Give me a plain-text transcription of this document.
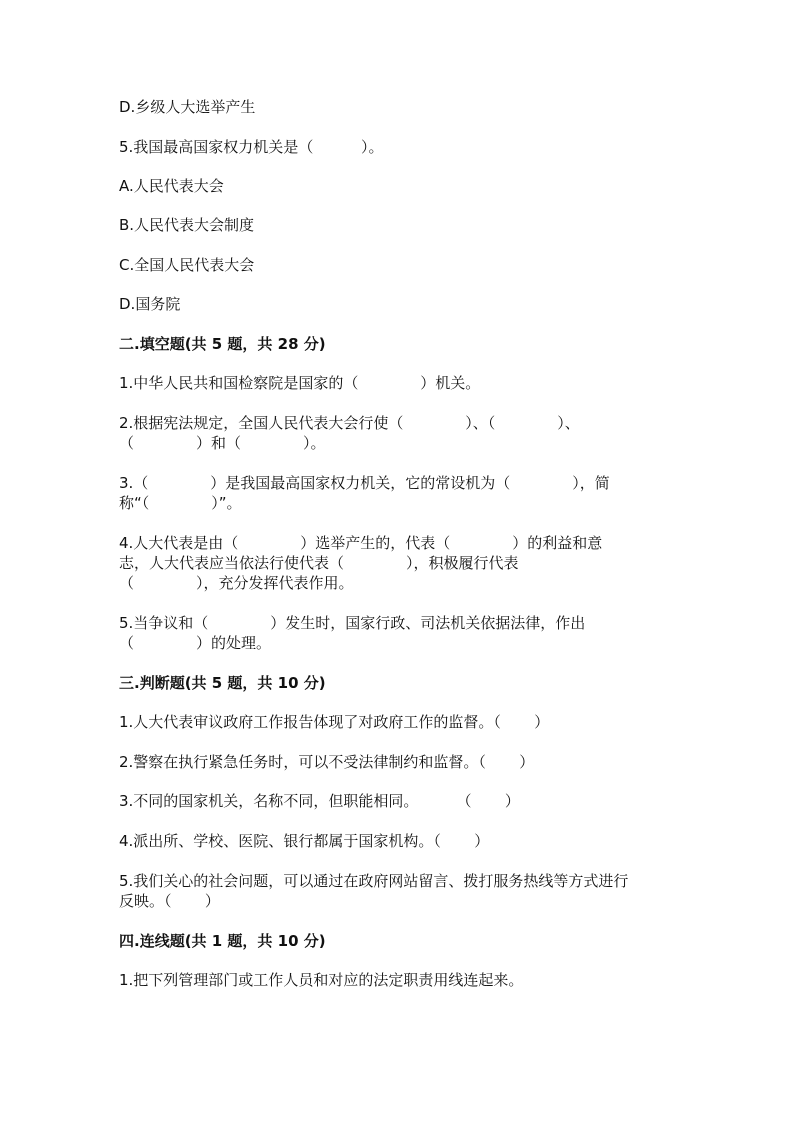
D.乡级人大选举产生

5.我国最高国家权力机关是（          ）。

A.人民代表大会

B.人民代表大会制度

C.全国人民代表大会

D.国务院

二.填空题(共 5 题，共 28 分)

1.中华人民共和国检察院是国家的（             ）机关。

2.根据宪法规定，全国人民代表大会行使（             ）、（             ）、

（             ）和（             ）。

3.（             ）是我国最高国家权力机关，它的常设机为（             ），简

称“（             ）”。

4.人大代表是由（             ）选举产生的，代表（             ）的利益和意

志，人大代表应当依法行使代表（             ），积极履行代表

（             ），充分发挥代表作用。

5.当争议和（             ）发生时，国家行政、司法机关依据法律，作出

（             ）的处理。

三.判断题(共 5 题，共 10 分)

1.人大代表审议政府工作报告体现了对政府工作的监督。（       ）

2.警察在执行紧急任务时，可以不受法律制约和监督。（       ）

3.不同的国家机关，名称不同，但职能相同。        （       ）

4.派出所、学校、医院、银行都属于国家机构。（       ）

5.我们关心的社会问题，可以通过在政府网站留言、拨打服务热线等方式进行

反映。（       ）

四.连线题(共 1 题，共 10 分)

1.把下列管理部门或工作人员和对应的法定职责用线连起来。
